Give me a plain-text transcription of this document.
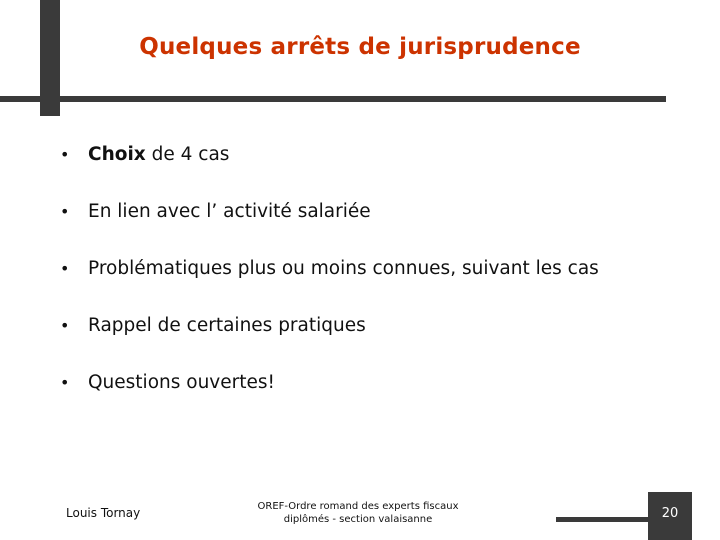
Quelques arrêts de jurisprudence
• Choix de 4 cas
• En lien avec l’ activité salariée
• Problématiques plus ou moins connues, suivant les cas
• Rappel de certaines pratiques
• Questions ouvertes!
Louis Tornay	OREF-Ordre romand des experts fiscaux
diplômés - section valaisanne	20
